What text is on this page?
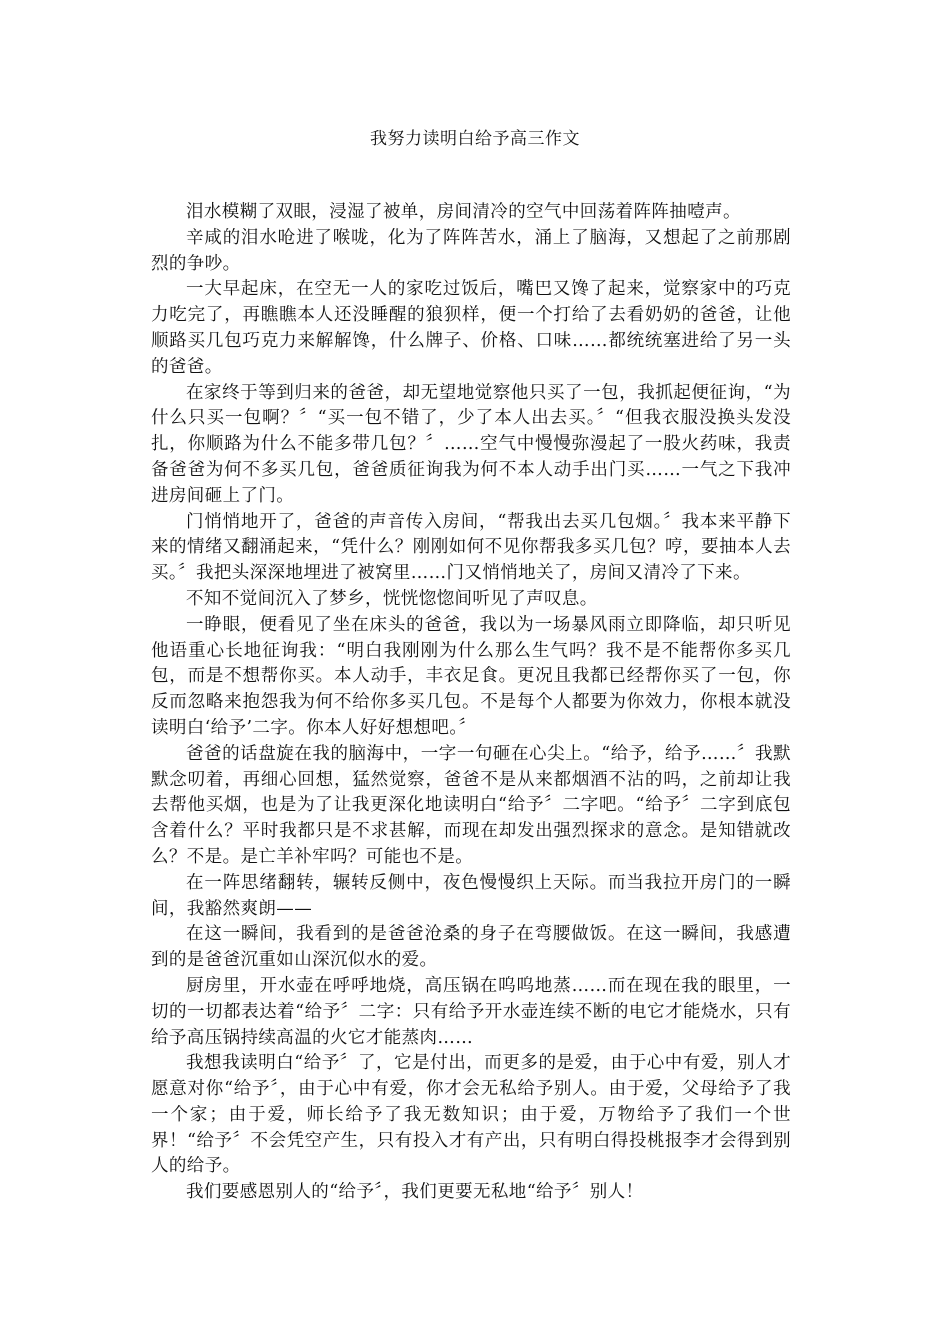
我努力读明白给予高三作文

泪水模糊了双眼，浸湿了被单，房间清冷的空气中回荡着阵阵抽噎声。

辛咸的泪水呛进了喉咙，化为了阵阵苦水，涌上了脑海，又想起了之前那剧烈的争吵。

一大早起床，在空无一人的家吃过饭后，嘴巴又馋了起来，觉察家中的巧克力吃完了，再瞧瞧本人还没睡醒的狼狈样，便一个打给了去看奶奶的爸爸，让他顺路买几包巧克力来解解馋，什么牌子、价格、口味……都统统塞进给了另一头的爸爸。

在家终于等到归来的爸爸，却无望地觉察他只买了一包，我抓起便征询，“为什么只买一包啊？〞“买一包不错了，少了本人出去买。〞“但我衣服没换头发没扎，你顺路为什么不能多带几包？〞……空气中慢慢弥漫起了一股火药味，我责备爸爸为何不多买几包，爸爸质征询我为何不本人动手出门买……一气之下我冲进房间砸上了门。

门悄悄地开了，爸爸的声音传入房间，“帮我出去买几包烟。〞我本来平静下来的情绪又翻涌起来，“凭什么？刚刚如何不见你帮我多买几包？哼，要抽本人去买。〞我把头深深地埋进了被窝里……门又悄悄地关了，房间又清冷了下来。

不知不觉间沉入了梦乡，恍恍惚惚间听见了声叹息。

一睁眼，便看见了坐在床头的爸爸，我以为一场暴风雨立即降临，却只听见他语重心长地征询我：“明白我刚刚为什么那么生气吗？我不是不能帮你多买几包，而是不想帮你买。本人动手，丰衣足食。更况且我都已经帮你买了一包，你反而忽略来抱怨我为何不给你多买几包。不是每个人都要为你效力，你根本就没读明白‘给予’二字。你本人好好想想吧。〞

爸爸的话盘旋在我的脑海中，一字一句砸在心尖上。“给予，给予……〞我默默念叨着，再细心回想，猛然觉察，爸爸不是从来都烟酒不沾的吗，之前却让我去帮他买烟，也是为了让我更深化地读明白“给予〞二字吧。“给予〞二字到底包含着什么？平时我都只是不求甚解，而现在却发出强烈探求的意念。是知错就改么？不是。是亡羊补牢吗？可能也不是。

在一阵思绪翻转，辗转反侧中，夜色慢慢织上天际。而当我拉开房门的一瞬间，我豁然爽朗——

在这一瞬间，我看到的是爸爸沧桑的身子在弯腰做饭。在这一瞬间，我感遭到的是爸爸沉重如山深沉似水的爱。

厨房里，开水壶在呼呼地烧，高压锅在呜呜地蒸……而在现在我的眼里，一切的一切都表达着“给予〞二字：只有给予开水壶连续不断的电它才能烧水，只有给予高压锅持续高温的火它才能蒸肉……

我想我读明白“给予〞了，它是付出，而更多的是爱，由于心中有爱，别人才愿意对你“给予〞，由于心中有爱，你才会无私给予别人。由于爱，父母给予了我一个家；由于爱，师长给予了我无数知识；由于爱，万物给予了我们一个世界！“给予〞不会凭空产生，只有投入才有产出，只有明白得投桃报李才会得到别人的给予。

我们要感恩别人的“给予〞，我们更要无私地“给予〞别人！
